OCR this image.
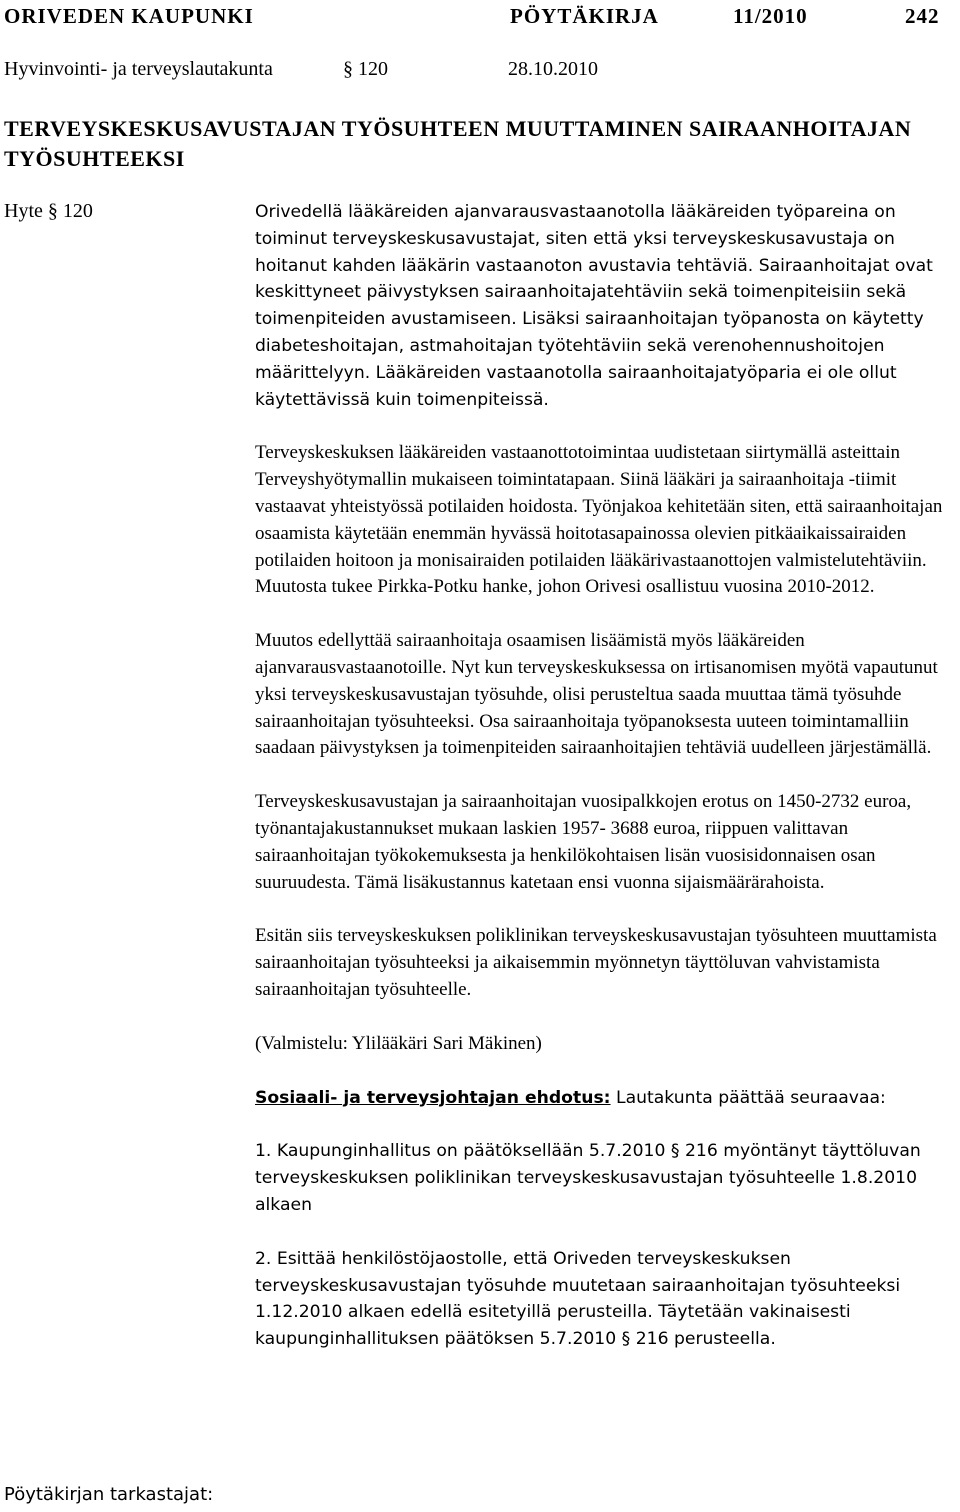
ORIVEDEN KAUPUNKI	PÖYTÄKIRJA	11/2010	242
Hyvinvointi- ja terveyslautakunta	§ 120	28.10.2010
TERVEYSKESKUSAVUSTAJAN TYÖSUHTEEN MUUTTAMINEN SAIRAANHOITAJAN TYÖSUHTEEKSI
Hyte § 120	Orivedellä lääkäreiden ajanvarausvastaanotolla lääkäreiden työpareina on toiminut terveyskeskusavustajat, siten että yksi terveyskeskusavustaja on hoitanut kahden lääkärin vastaanoton avustavia tehtäviä. Sairaanhoitajat ovat keskittyneet päivystyksen sairaanhoitajatehtäviin sekä toimenpiteisiin sekä toimenpiteiden avustamiseen. Lisäksi sairaanhoitajan työpanosta on käytetty diabeteshoitajan, astmahoitajan työtehtäviin sekä verenohennushoitojen määrittelyyn. Lääkäreiden vastaanotolla sairaanhoitajatyöparia ei ole ollut käytettävissä kuin toimenpiteissä.

Terveyskeskuksen lääkäreiden vastaanottotoimintaa uudistetaan siirtymällä asteittain Terveyshyötymallin mukaiseen toimintatapaan. Siinä lääkäri ja sairaanhoitaja -tiimit vastaavat yhteistyössä potilaiden hoidosta. Työnjakoa kehitetään siten, että sairaanhoitajan osaamista käytetään enemmän hyvässä hoitotasapainossa olevien pitkäaikaissairaiden potilaiden hoitoon ja monisairaiden potilaiden lääkärivastaanottojen valmistelutehtäviin. Muutosta tukee Pirkka-Potku hanke, johon Orivesi osallistuu vuosina 2010-2012.

Muutos edellyttää sairaanhoitaja osaamisen lisäämistä myös lääkäreiden ajanvarausvastaanotoille. Nyt kun terveyskeskuksessa on irtisanomisen myötä vapautunut yksi terveyskeskusavustajan työsuhde, olisi perusteltua saada muuttaa tämä työsuhde sairaanhoitajan työsuhteeksi. Osa sairaanhoitaja työpanoksesta uuteen toimintamalliin saadaan päivystyksen ja toimenpiteiden sairaanhoitajien tehtäviä uudelleen järjestämällä.

Terveyskeskusavustajan ja sairaanhoitajan vuosipalkkojen erotus on 1450-2732 euroa, työnantajakustannukset mukaan laskien 1957- 3688 euroa, riippuen valittavan sairaanhoitajan työkokemuksesta ja henkilökohtaisen lisän vuosisidonnaisen osan suuruudesta. Tämä lisäkustannus katetaan ensi vuonna sijaismäärärahoista.

Esitän siis terveyskeskuksen poliklinikan terveyskeskusavustajan työsuhteen muuttamista sairaanhoitajan työsuhteeksi ja aikaisemmin myönnetyn täyttöluvan vahvistamista sairaanhoitajan työsuhteelle.

(Valmistelu: Ylilääkäri Sari Mäkinen)

Sosiaali- ja terveysjohtajan ehdotus: Lautakunta päättää seuraavaa:

1. Kaupunginhallitus on päätöksellään 5.7.2010 § 216 myöntänyt täyttöluvan terveyskeskuksen poliklinikan terveyskeskusavustajan työsuhteelle 1.8.2010 alkaen

2. Esittää henkilöstöjaostolle, että Oriveden terveyskeskuksen terveyskeskusavustajan työsuhde muutetaan sairaanhoitajan työsuhteeksi 1.12.2010 alkaen edellä esitetyillä perusteilla. Täytetään vakinaisesti kaupunginhallituksen päätöksen 5.7.2010 § 216 perusteella.

Pöytäkirjan tarkastajat:
